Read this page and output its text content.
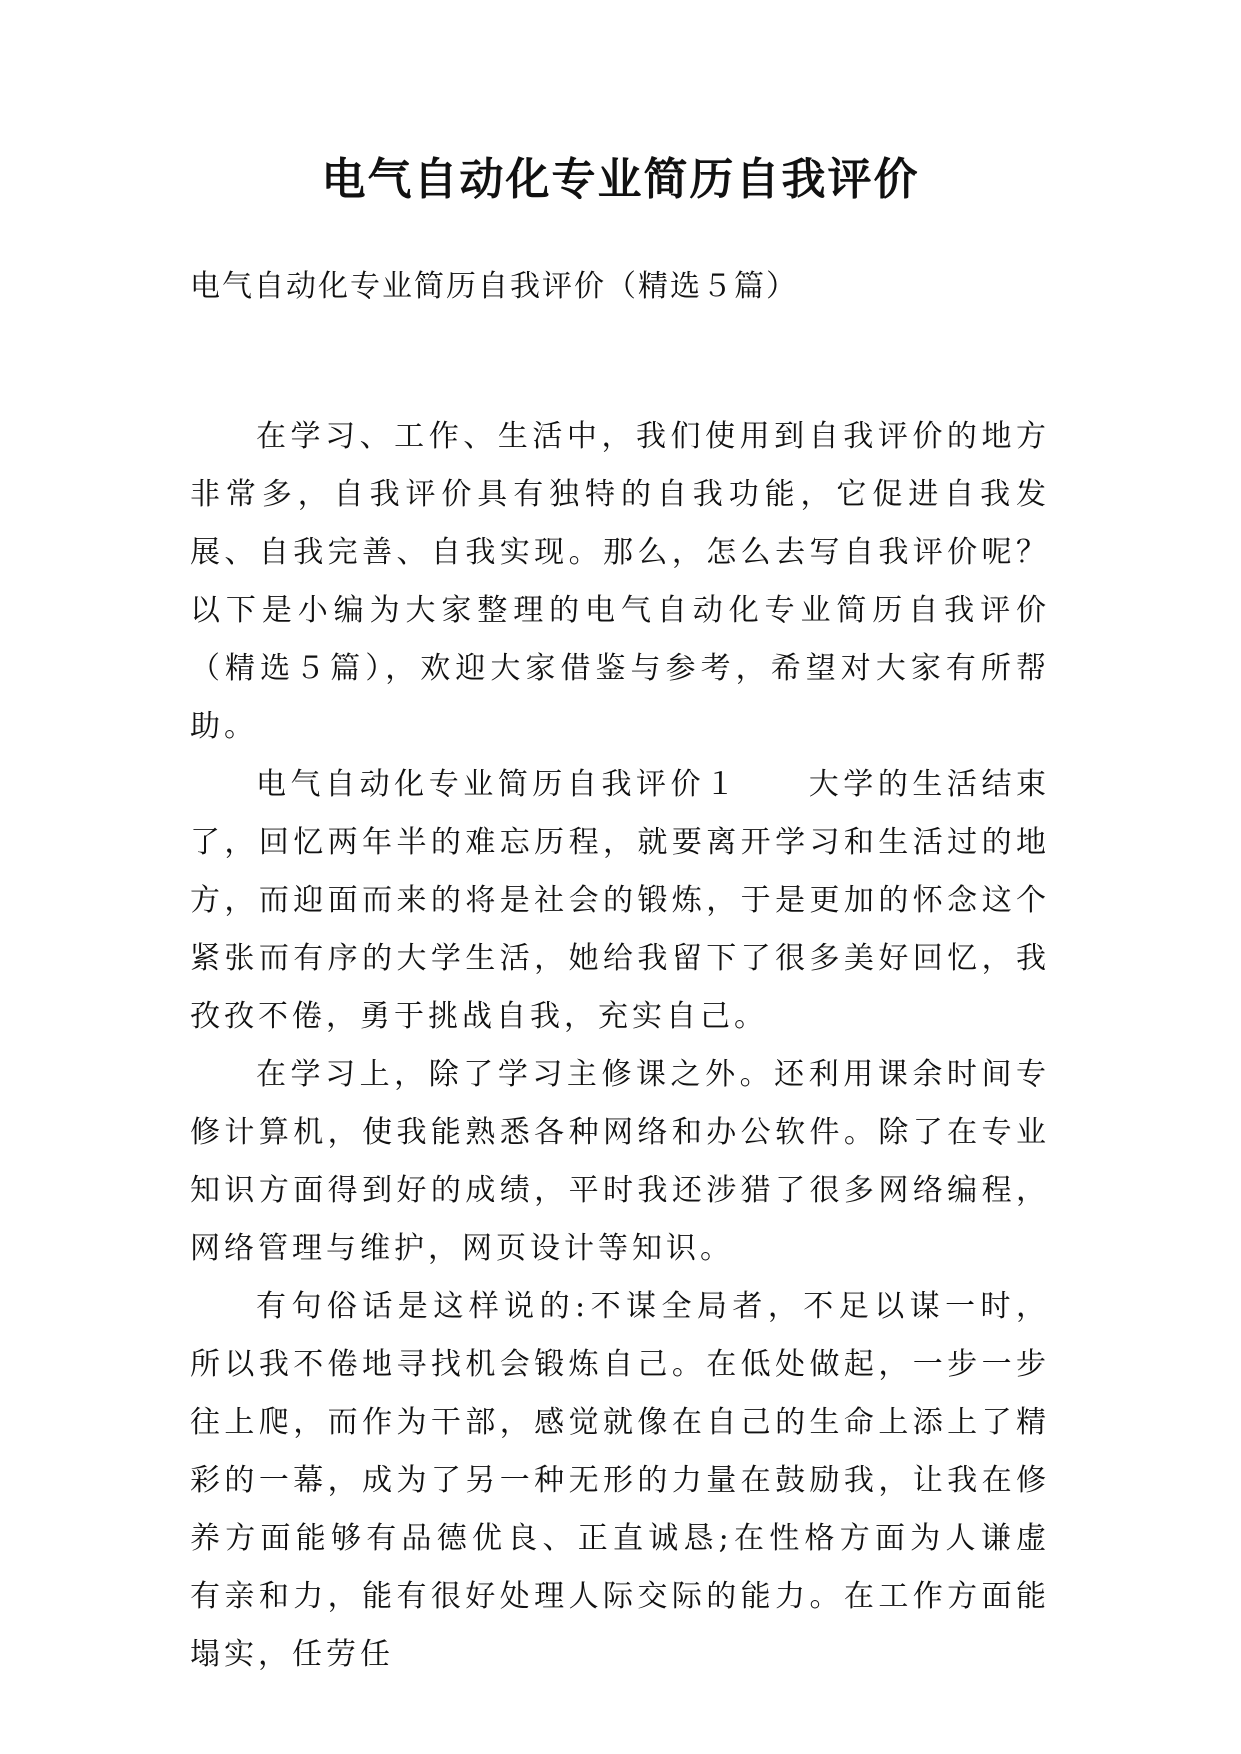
电气自动化专业简历自我评价

电气自动化专业简历自我评价（精选５篇）

在学习、工作、生活中，我们使用到自我评价的地方非常多，自我评价具有独特的自我功能，它促进自我发展、自我完善、自我实现。那么，怎么去写自我评价呢？以下是小编为大家整理的电气自动化专业简历自我评价（精选５篇），欢迎大家借鉴与参考，希望对大家有所帮助。

电气自动化专业简历自我评价１　　大学的生活结束了，回忆两年半的难忘历程，就要离开学习和生活过的地方，而迎面而来的将是社会的锻炼，于是更加的怀念这个紧张而有序的大学生活，她给我留下了很多美好回忆，我孜孜不倦，勇于挑战自我，充实自己。

在学习上，除了学习主修课之外。还利用课余时间专修计算机，使我能熟悉各种网络和办公软件。除了在专业知识方面得到好的成绩，平时我还涉猎了很多网络编程，网络管理与维护，网页设计等知识。

有句俗话是这样说的:不谋全局者，不足以谋一时，所以我不倦地寻找机会锻炼自己。在低处做起，一步一步往上爬，而作为干部，感觉就像在自己的生命上添上了精彩的一幕，成为了另一种无形的力量在鼓励我，让我在修养方面能够有品德优良、正直诚恳;在性格方面为人谦虚有亲和力，能有很好处理人际交际的能力。在工作方面能塌实，任劳任
